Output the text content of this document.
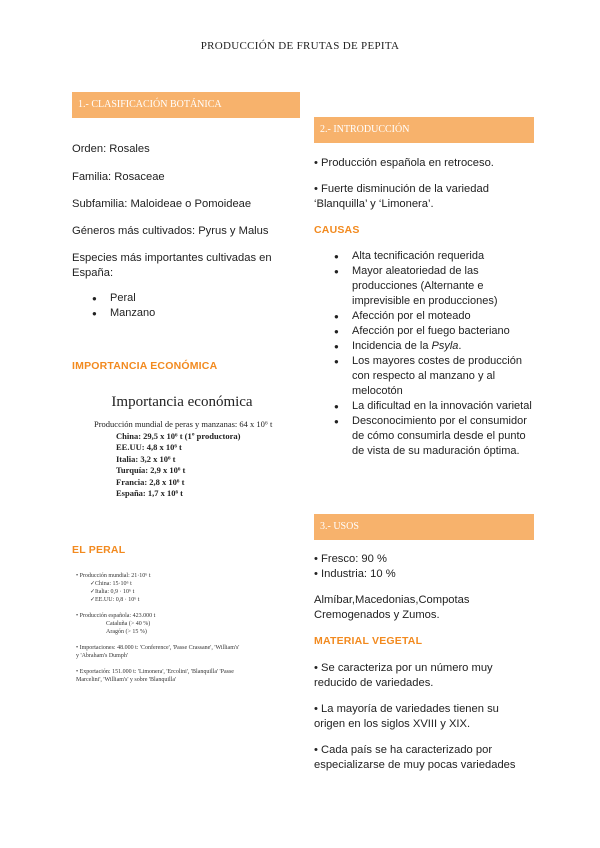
PRODUCCIÓN DE FRUTAS DE PEPITA
1.- CLASIFICACIÓN BOTÁNICA

Orden: Rosales

Familia: Rosaceae

Subfamilia: Maloideae o Pomoideae

Géneros más cultivados: Pyrus y Malus

Especies más importantes cultivadas en España:

● Peral
● Manzano
IMPORTANCIA ECONÓMICA
Importancia económica
Producción mundial de peras y manzanas: 64 x 10⁶ t
China: 29,5 x 10⁶ t (1º productora)
EE.UU: 4,8 x 10⁶ t
Italia: 3,2 x 10⁶ t
Turquía: 2,9 x 10⁶ t
Francia: 2,8 x 10⁶ t
España: 1,7 x 10⁶ t
EL PERAL
• Producción mundial: 21·10⁶ t
✓China: 15·10⁶ t
✓Italia: 0,9 · 10⁶ t
✓EE.UU: 0,8 · 10⁶ t
• Producción española: 423.000 t
Cataluña (> 40 %)
Aragón (> 15 %)
• Importaciones: 48.000 t: 'Conference', 'Passe Crassane', 'William's'
y 'Abraham's Dumph'
• Exportación: 151.000 t: 'Limonera', 'Ercolini', 'Blanquilla' 'Passe
Marcelini', 'William's' y sobre 'Blanquilla'
2.- INTRODUCCIÓN

• Producción española en retroceso.

• Fuerte disminución de la variedad ‘Blanquilla’ y ‘Limonera’.

CAUSAS
● Alta tecnificación requerida
● Mayor aleatoriedad de las producciones (Alternante e imprevisible en producciones)
● Afección por el moteado
● Afección por el fuego bacteriano
● Incidencia de la Psyla.
● Los mayores costes de producción con respecto al manzano y al melocotón
● La dificultad en la innovación varietal
● Desconocimiento por el consumidor de cómo consumirla desde el punto de vista de su maduración óptima.
3.- USOS

• Fresco: 90 %

• Industria: 10 %

Almíbar,Macedonias,Compotas Cremogenados y Zumos.

MATERIAL VEGETAL

• Se caracteriza por un número muy reducido de variedades.

• La mayoría de variedades tienen su origen en los siglos XVIII y XIX.

• Cada país se ha caracterizado por especializarse de muy pocas variedades
